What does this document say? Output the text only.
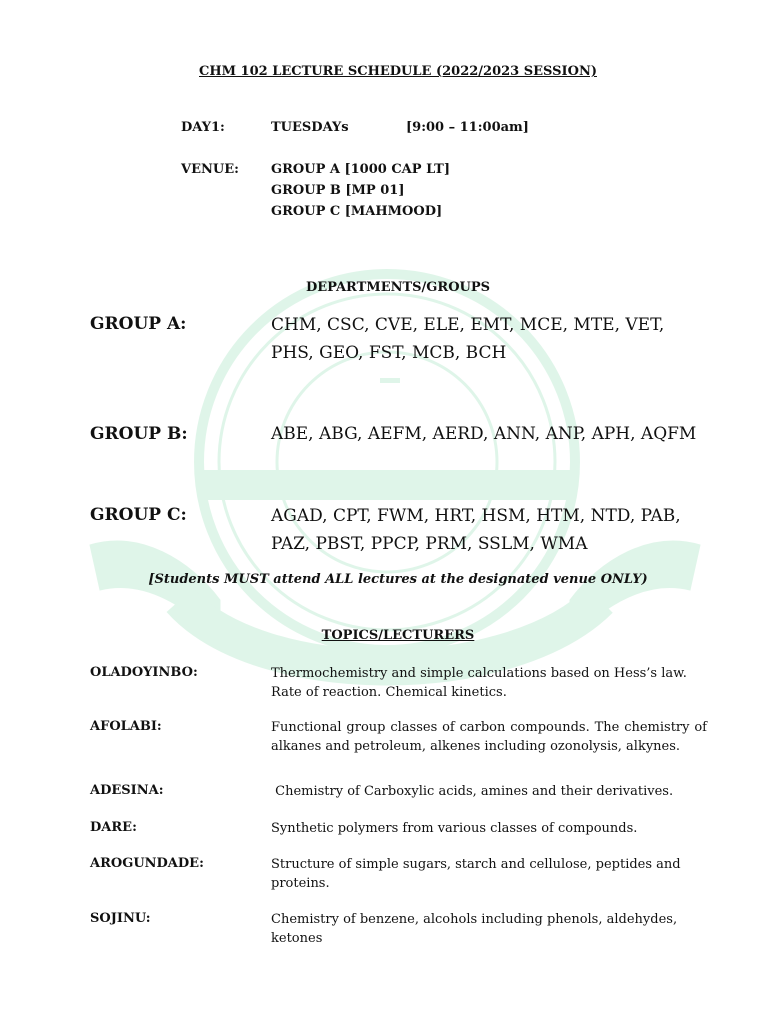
CHM 102 LECTURE SCHEDULE (2022/2023 SESSION)
DAY1:	TUESDAYs	[9:00 – 11:00am]
VENUE: GROUP A [1000 CAP LT]
GROUP B [MP 01]
GROUP C [MAHMOOD]
DEPARTMENTS/GROUPS
GROUP A:	CHM, CSC, CVE, ELE, EMT, MCE, MTE, VET, PHS, GEO, FST, MCB, BCH
GROUP B:	ABE, ABG, AEFM, AERD, ANN, ANP, APH, AQFM
GROUP C:	AGAD, CPT, FWM, HRT, HSM, HTM, NTD, PAB, PAZ, PBST, PPCP, PRM, SSLM, WMA
[Students MUST attend ALL lectures at the designated venue ONLY)
TOPICS/LECTURERS
OLADOYINBO:	Thermochemistry and simple calculations based on Hess’s law. Rate of reaction. Chemical kinetics.
AFOLABI:	Functional group classes of carbon compounds. The chemistry of alkanes and petroleum, alkenes including ozonolysis, alkynes.
ADESINA:	Chemistry of Carboxylic acids, amines and their derivatives.
DARE:	Synthetic polymers from various classes of compounds.
AROGUNDADE:	Structure of simple sugars, starch and cellulose, peptides and proteins.
SOJINU:	Chemistry of benzene, alcohols including phenols, aldehydes, ketones
